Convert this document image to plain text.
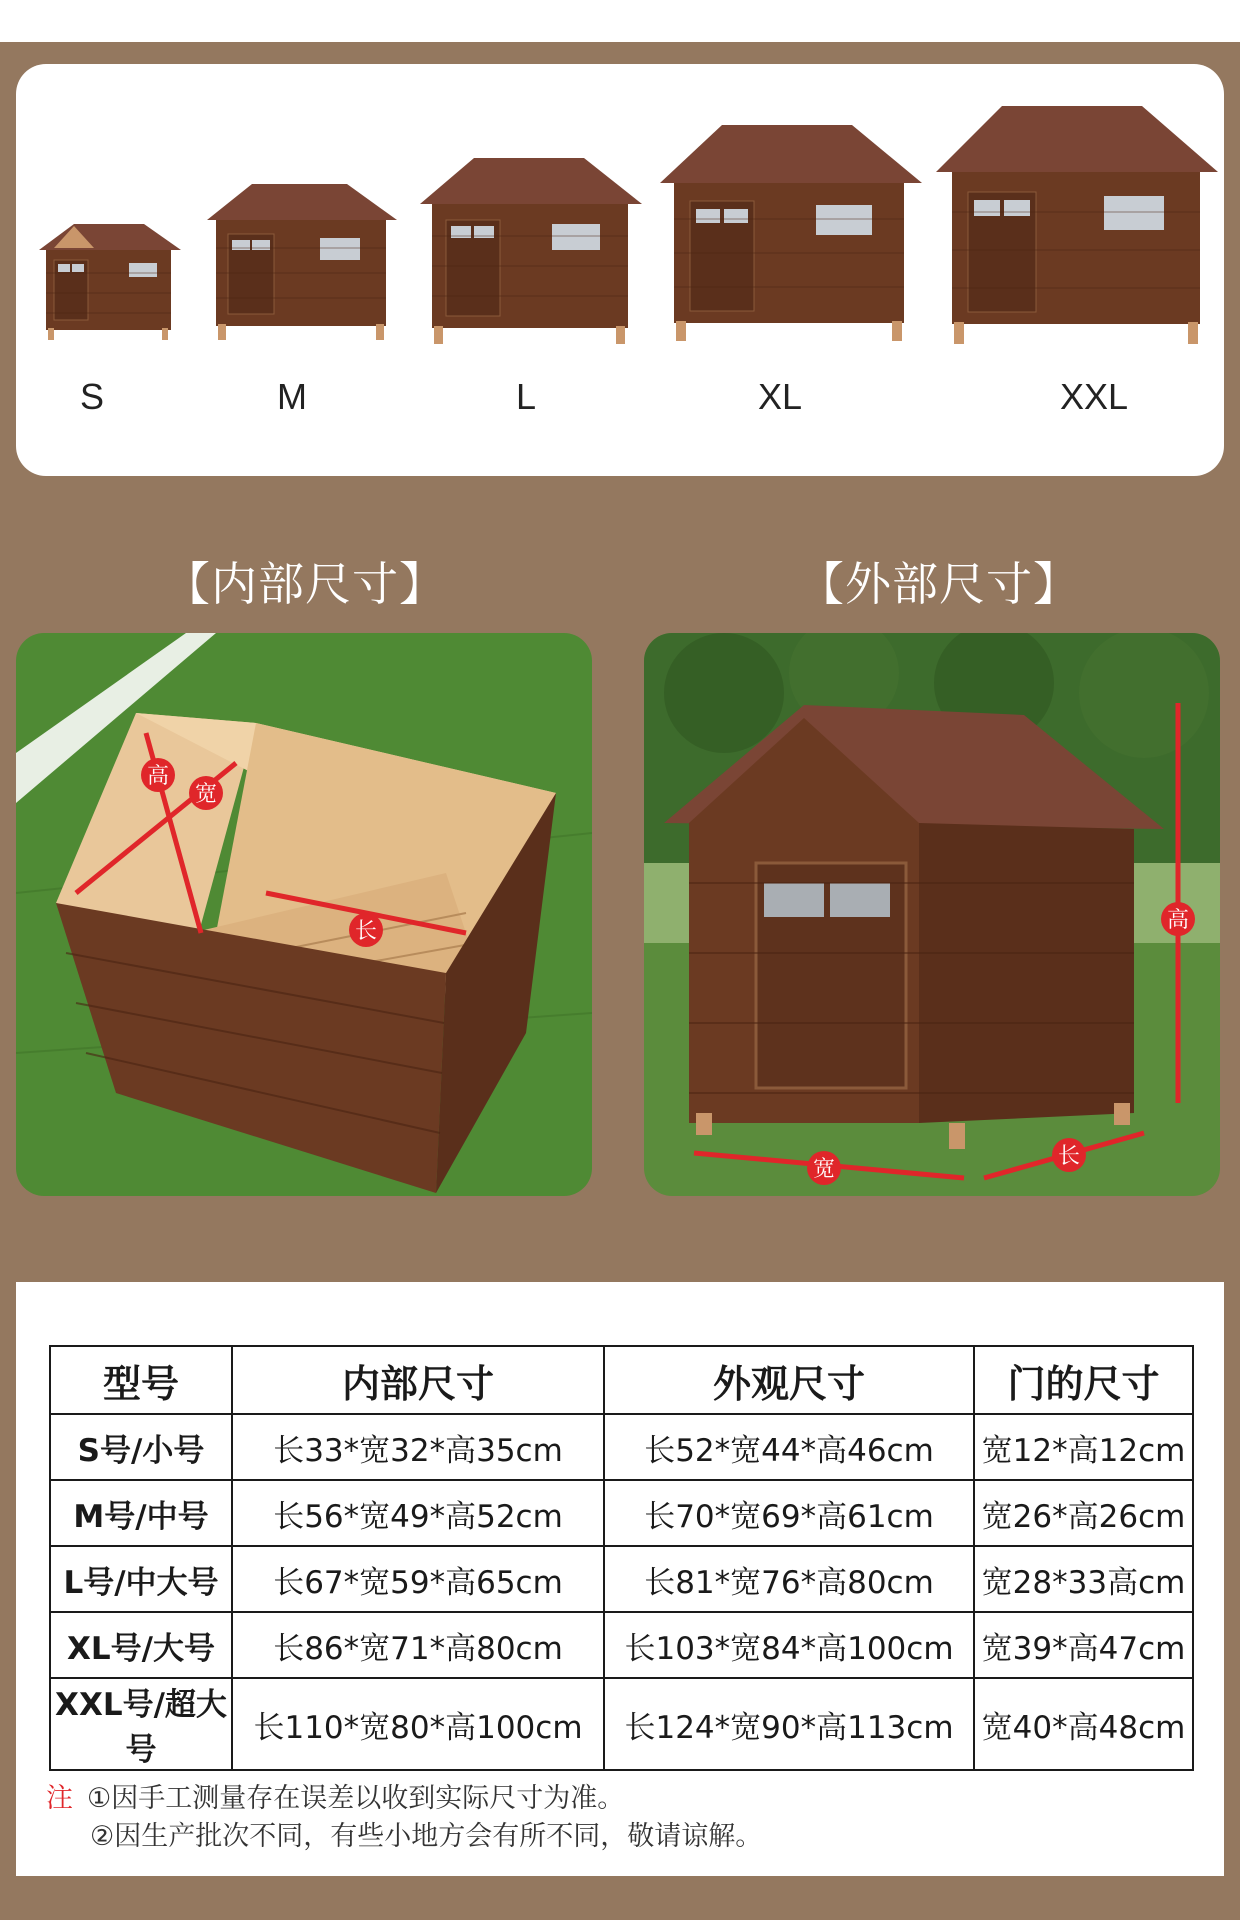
S	M	L	XL	XXL
【内部尺寸】	【外部尺寸】
高
宽
长	高
宽
长
型号	内部尺寸	外观尺寸	门的尺寸
S号/小号	长33*宽32*高35cm	长52*宽44*高46cm	宽12*高12cm
M号/中号	长56*宽49*高52cm	长70*宽69*高61cm	宽26*高26cm
L号/中大号	长67*宽59*高65cm	长81*宽76*高80cm	宽28*33高cm
XL号/大号	长86*宽71*高80cm	长103*宽84*高100cm	宽39*高47cm
XXL号/超大号	长110*宽80*高100cm	长124*宽90*高113cm	宽40*高48cm
注 ①因手工测量存在误差以收到实际尺寸为准。
②因生产批次不同，有些小地方会有所不同，敬请谅解。
